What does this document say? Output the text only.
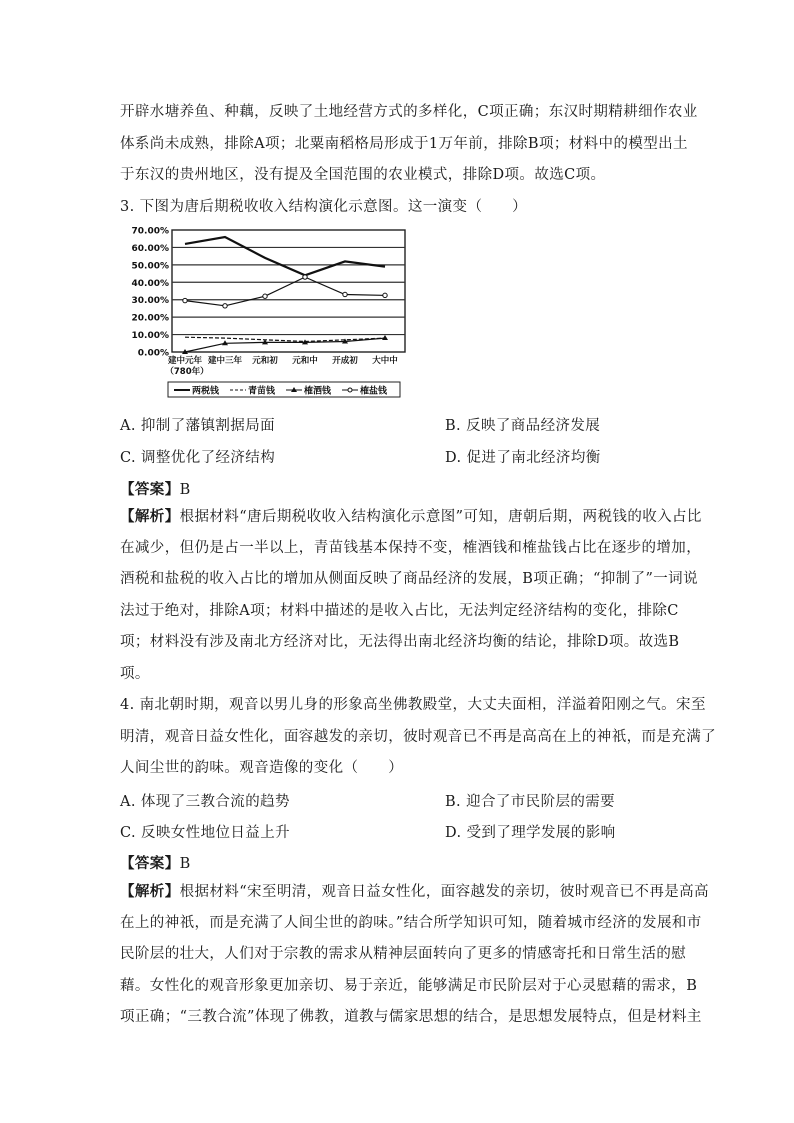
开辟水塘养鱼、种藕，反映了土地经营方式的多样化，C项正确；东汉时期精耕细作农业
体系尚未成熟，排除A项；北粟南稻格局形成于1万年前，排除B项；材料中的模型出土
于东汉的贵州地区，没有提及全国范围的农业模式，排除D项。故选C项。
3. 下图为唐后期税收收入结构演化示意图。这一演变（　　）
0.00%
10.00%
20.00%
30.00%
40.00%
50.00%
60.00%
70.00%
建中元年 建中三年 元和初 元和中 开成初 大中中
（780年）
两税钱	青苗钱	榷酒钱	榷盐钱
A. 抑制了藩镇割据局面	B. 反映了商品经济发展
C. 调整优化了经济结构	D. 促进了南北经济均衡
【答案】B
【解析】根据材料“唐后期税收收入结构演化示意图”可知，唐朝后期，两税钱的收入占比
在减少，但仍是占一半以上，青苗钱基本保持不变，榷酒钱和榷盐钱占比在逐步的增加，
酒税和盐税的收入占比的增加从侧面反映了商品经济的发展，B项正确；“抑制了”一词说
法过于绝对，排除A项；材料中描述的是收入占比，无法判定经济结构的变化，排除C
项；材料没有涉及南北方经济对比，无法得出南北经济均衡的结论，排除D项。故选B
项。
4. 南北朝时期，观音以男儿身的形象高坐佛教殿堂，大丈夫面相，洋溢着阳刚之气。宋至
明清，观音日益女性化，面容越发的亲切，彼时观音已不再是高高在上的神祇，而是充满了
人间尘世的韵味。观音造像的变化（　　）
A. 体现了三教合流的趋势	B. 迎合了市民阶层的需要
C. 反映女性地位日益上升	D. 受到了理学发展的影响
【答案】B
【解析】根据材料“宋至明清，观音日益女性化，面容越发的亲切，彼时观音已不再是高高
在上的神祇，而是充满了人间尘世的韵味。”结合所学知识可知，随着城市经济的发展和市
民阶层的壮大，人们对于宗教的需求从精神层面转向了更多的情感寄托和日常生活的慰
藉。女性化的观音形象更加亲切、易于亲近，能够满足市民阶层对于心灵慰藉的需求，B
项正确；“三教合流”体现了佛教，道教与儒家思想的结合，是思想发展特点，但是材料主
